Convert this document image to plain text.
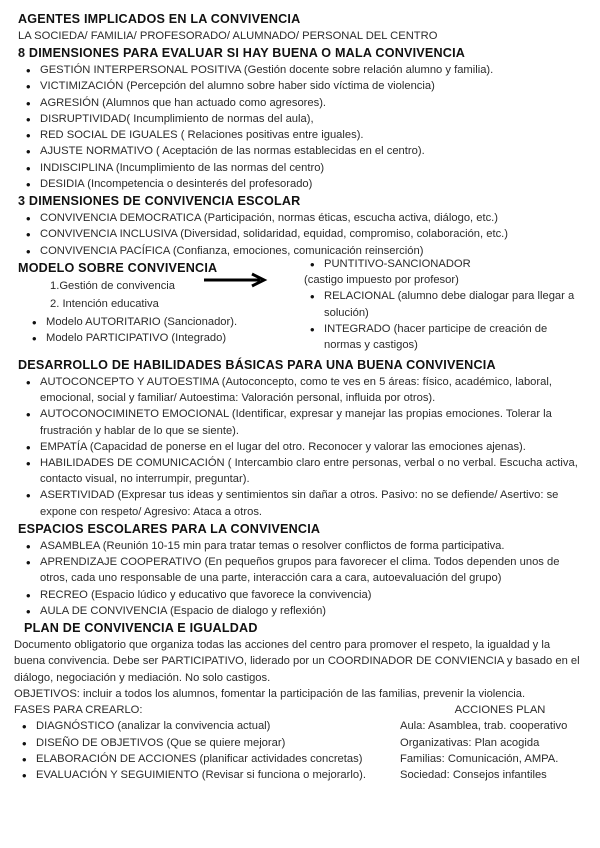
AGENTES IMPLICADOS EN LA CONVIVENCIA

LA SOCIEDA/ FAMILIA/ PROFESORADO/ ALUMNADO/ PERSONAL DEL CENTRO

8 DIMENSIONES PARA EVALUAR SI HAY BUENA O MALA CONVIVENCIA
• GESTIÓN INTERPERSONAL POSITIVA (Gestión docente sobre relación alumno y familia).
• VICTIMIZACIÓN (Percepción del alumno sobre haber sido víctima de violencia)
• AGRESIÓN (Alumnos que han actuado como agresores).
• DISRUPTIVIDAD( Incumplimiento de normas del aula),
• RED SOCIAL DE IGUALES ( Relaciones positivas entre iguales).
• AJUSTE NORMATIVO ( Aceptación de las normas establecidas en el centro).
• INDISCIPLINA (Incumplimiento de las normas del centro)
• DESIDIA (Incompetencia o desinterés del profesorado)
3 DIMENSIONES DE CONVIVENCIA ESCOLAR
• CONVIVENCIA DEMOCRATICA (Participación, normas éticas, escucha activa, diálogo, etc.)
• CONVIVENCIA INCLUSIVA (Diversidad, solidaridad, equidad, compromiso, colaboración, etc.)
• CONVIVENCIA PACÍFICA (Confianza, emociones, comunicación reinserción)
MODELO SOBRE CONVIVENCIA
1.Gestión de convivencia
2. Intención educativa
• Modelo AUTORITARIO (Sancionador).
• Modelo PARTICIPATIVO (Integrado)
• PUNTITIVO-SANCIONADOR

(castigo impuesto por profesor)

• RELACIONAL (alumno debe dialogar para llegar a solución)
• INTEGRADO (hacer participe de creación de normas y castigos)
DESARROLLO DE HABILIDADES BÁSICAS PARA UNA BUENA CONVIVENCIA
• AUTOCONCEPTO Y AUTOESTIMA (Autoconcepto, como te ves en 5 áreas: físico, académico, laboral, emocional, social y familiar/ Autoestima: Valoración personal, influida por otros).
• AUTOCONOCIMINETO EMOCIONAL (Identificar, expresar y manejar las propias emociones. Tolerar la frustración y hablar de lo que se siente).
• EMPATÍA (Capacidad de ponerse en el lugar del otro. Reconocer y valorar las emociones ajenas).
• HABILIDADES DE COMUNICACIÓN ( Intercambio claro entre personas, verbal o no verbal. Escucha activa, contacto visual, no interrumpir, preguntar).
• ASERTIVIDAD (Expresar tus ideas y sentimientos sin dañar a otros. Pasivo: no se defiende/ Asertivo: se expone con respeto/ Agresivo: Ataca a otros.
ESPACIOS ESCOLARES PARA LA CONVIVENCIA
• ASAMBLEA (Reunión 10-15 min para tratar temas o resolver conflictos de forma participativa.
• APRENDIZAJE COOPERATIVO (En pequeños grupos para favorecer el clima. Todos dependen unos de otros, cada uno responsable de una parte, interacción cara a cara, autoevaluación del grupo)
• RECREO (Espacio lúdico y educativo que favorece la convivencia)
• AULA DE CONVIVENCIA (Espacio de dialogo y reflexión)
PLAN DE CONVIVENCIA E IGUALDAD

Documento obligatorio que organiza todas las acciones del centro para promover el respeto, la igualdad y la buena convivencia. Debe ser PARTICIPATIVO, liderado por un COORDINADOR DE CONVIENCIA y basado en el diálogo, negociación y mediación. No solo castigos.

OBJETIVOS: incluir a todos los alumnos, fomentar la participación de las familias, prevenir la violencia.

FASES PARA CREARLO:

• DIAGNÓSTICO (analizar la convivencia actual)
• DISEÑO DE OBJETIVOS (Que se quiere mejorar)
• ELABORACIÓN DE ACCIONES (planificar actividades concretas)
• EVALUACIÓN Y SEGUIMIENTO (Revisar si funciona o mejorarlo).

ACCIONES PLAN

Aula: Asamblea, trab. cooperativo

Organizativas: Plan acogida

Familias: Comunicación, AMPA.

Sociedad: Consejos infantiles
